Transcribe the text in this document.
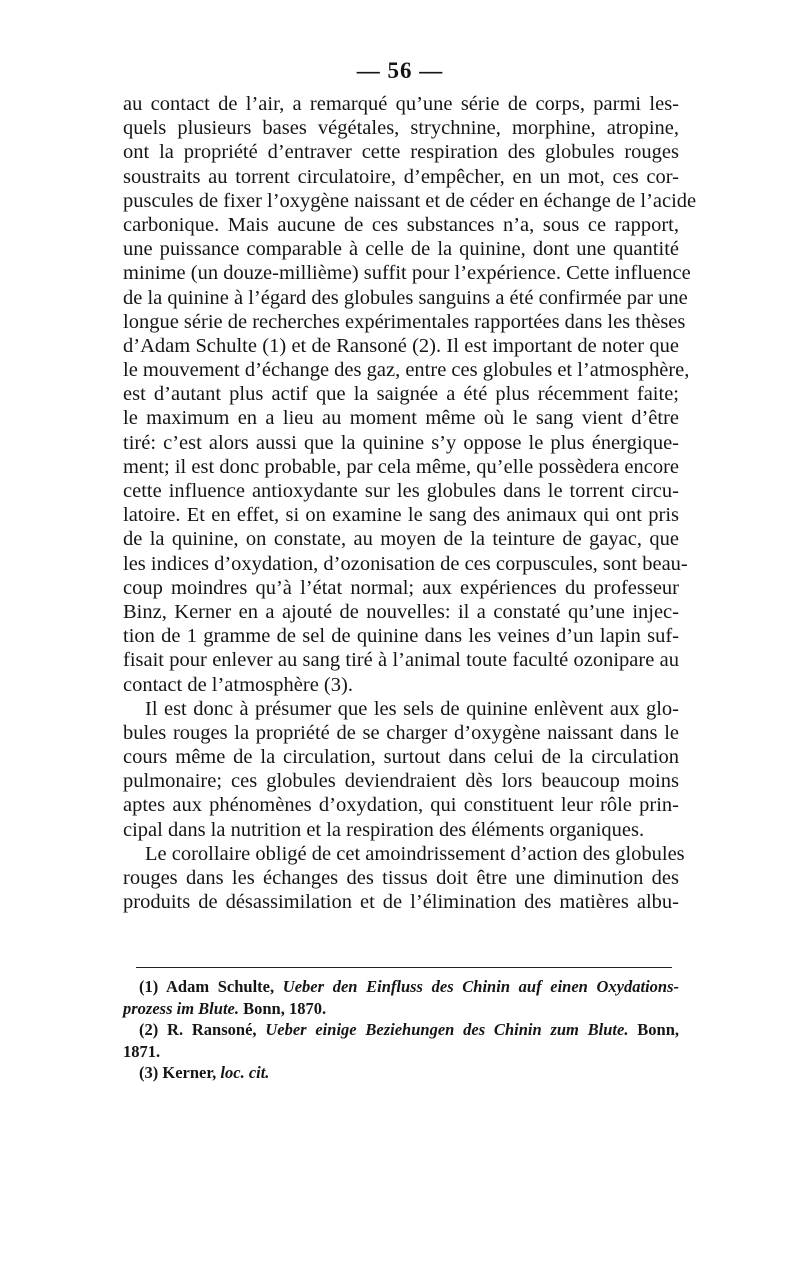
— 56 —
au contact de l’air, a remarqué qu’une série de corps, parmi les-
quels plusieurs bases végétales, strychnine, morphine, atropine,
ont la propriété d’entraver cette respiration des globules rouges
soustraits au torrent circulatoire, d’empêcher, en un mot, ces cor-
puscules de fixer l’oxygène naissant et de céder en échange de l’acide
carbonique. Mais aucune de ces substances n’a, sous ce rapport,
une puissance comparable à celle de la quinine, dont une quantité
minime (un douze-millième) suffit pour l’expérience. Cette influence
de la quinine à l’égard des globules sanguins a été confirmée par une
longue série de recherches expérimentales rapportées dans les thèses
d’Adam Schulte (1) et de Ransoné (2). Il est important de noter que
le mouvement d’échange des gaz, entre ces globules et l’atmosphère,
est d’autant plus actif que la saignée a été plus récemment faite;
le maximum en a lieu au moment même où le sang vient d’être
tiré: c’est alors aussi que la quinine s’y oppose le plus énergique-
ment; il est donc probable, par cela même, qu’elle possèdera encore
cette influence antioxydante sur les globules dans le torrent circu-
latoire. Et en effet, si on examine le sang des animaux qui ont pris
de la quinine, on constate, au moyen de la teinture de gayac, que
les indices d’oxydation, d’ozonisation de ces corpuscules, sont beau-
coup moindres qu’à l’état normal; aux expériences du professeur
Binz, Kerner en a ajouté de nouvelles: il a constaté qu’une injec-
tion de 1 gramme de sel de quinine dans les veines d’un lapin suf-
fisait pour enlever au sang tiré à l’animal toute faculté ozonipare au
contact de l’atmosphère (3).
Il est donc à présumer que les sels de quinine enlèvent aux glo-
bules rouges la propriété de se charger d’oxygène naissant dans le
cours même de la circulation, surtout dans celui de la circulation
pulmonaire; ces globules deviendraient dès lors beaucoup moins
aptes aux phénomènes d’oxydation, qui constituent leur rôle prin-
cipal dans la nutrition et la respiration des éléments organiques.
Le corollaire obligé de cet amoindrissement d’action des globules
rouges dans les échanges des tissus doit être une diminution des
produits de désassimilation et de l’élimination des matières albu-
(1) Adam Schulte, Ueber den Einfluss des Chinin auf einen Oxydations-
prozess im Blute. Bonn, 1870.
(2) R. Ransoné, Ueber einige Beziehungen des Chinin zum Blute. Bonn,
1871.
(3) Kerner, loc. cit.
